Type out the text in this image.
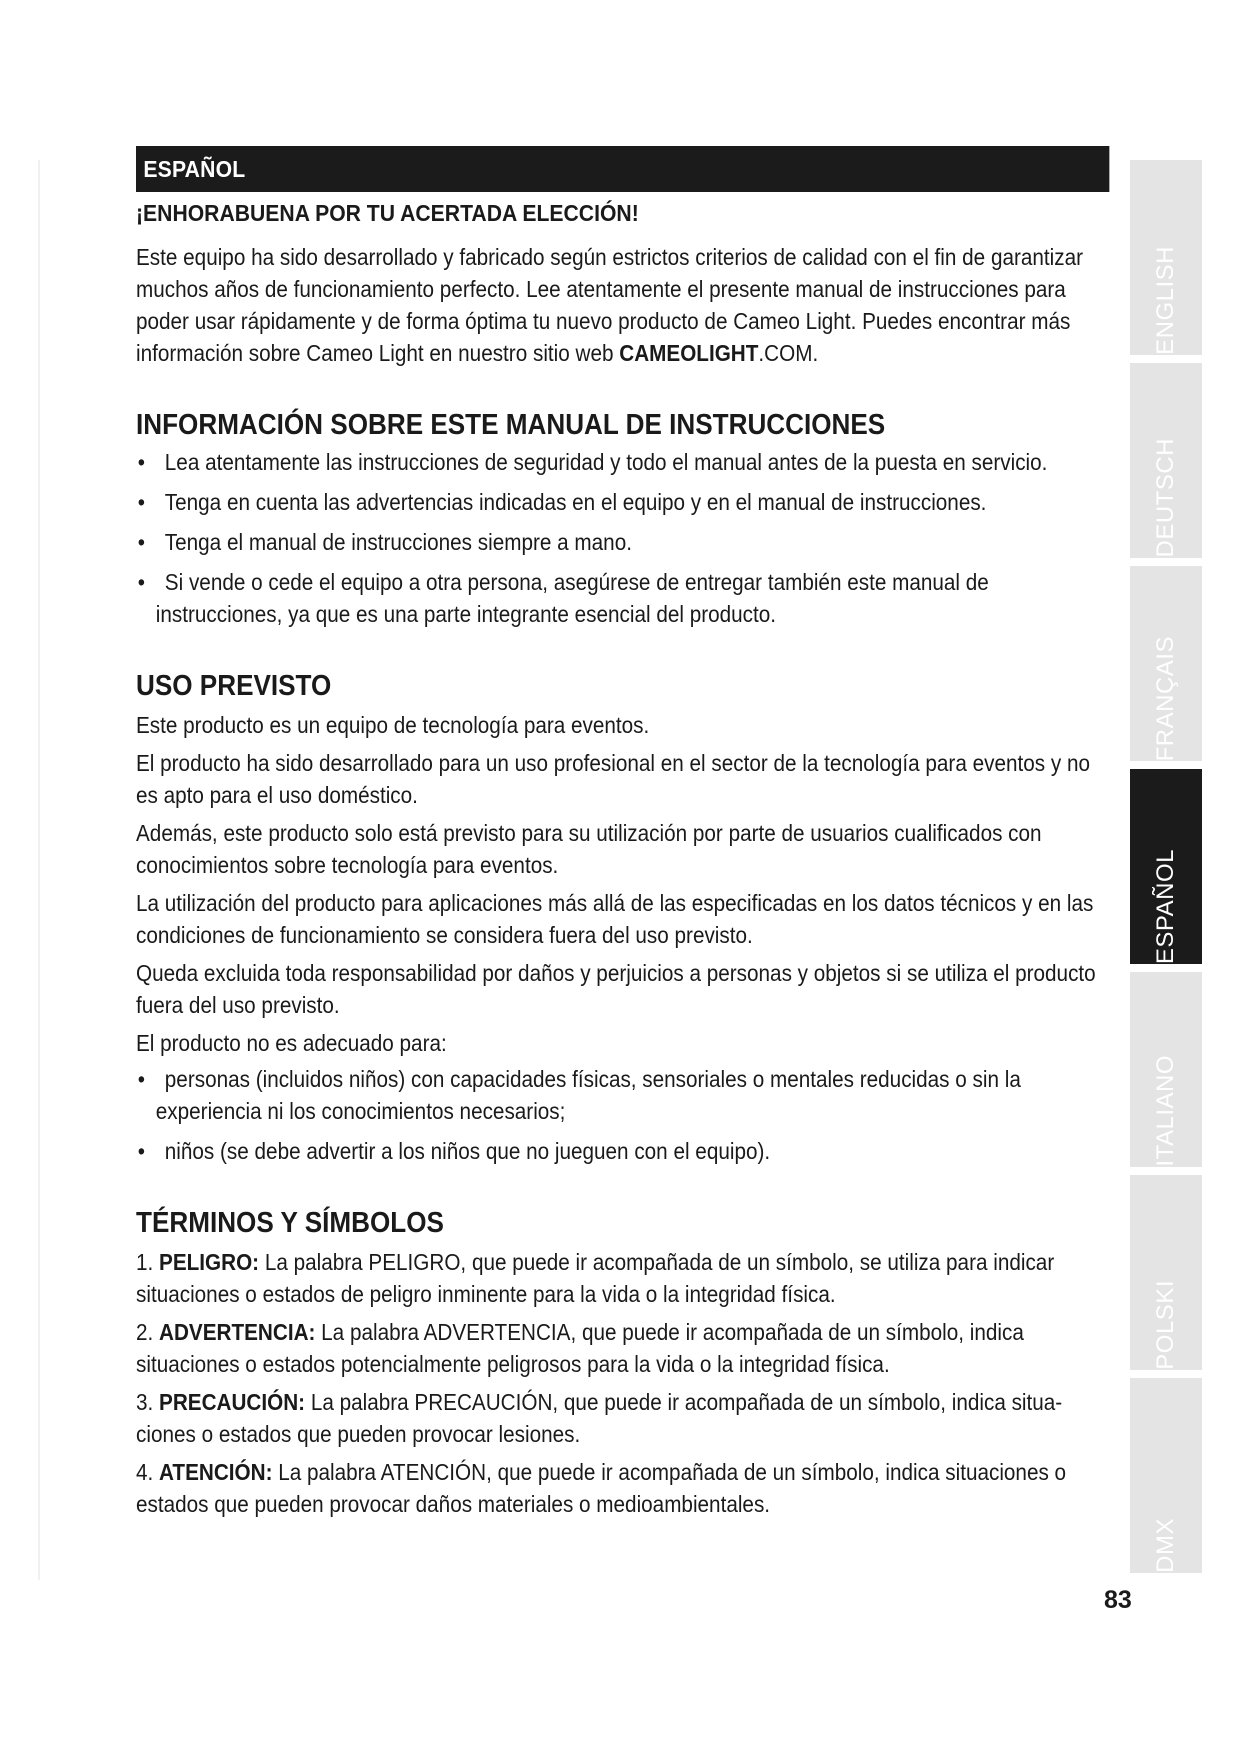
ESPAÑOL
¡ENHORABUENA POR TU ACERTADA ELECCIÓN!

Este equipo ha sido desarrollado y fabricado según estrictos criterios de calidad con el fin de garantizar muchos años de funcionamiento perfecto. Lee atentamente el presente manual de instrucciones para poder usar rápidamente y de forma óptima tu nuevo producto de Cameo Light. Puedes encontrar más información sobre Cameo Light en nuestro sitio web CAMEOLIGHT.COM.

INFORMACIÓN SOBRE ESTE MANUAL DE INSTRUCCIONES
• Lea atentamente las instrucciones de seguridad y todo el manual antes de la puesta en servicio.
• Tenga en cuenta las advertencias indicadas en el equipo y en el manual de instrucciones.
• Tenga el manual de instrucciones siempre a mano.
• Si vende o cede el equipo a otra persona, asegúrese de entregar también este manual de instrucciones, ya que es una parte integrante esencial del producto.
USO PREVISTO

Este producto es un equipo de tecnología para eventos.

El producto ha sido desarrollado para un uso profesional en el sector de la tecnología para eventos y no es apto para el uso doméstico.

Además, este producto solo está previsto para su utilización por parte de usuarios cualificados con conocimientos sobre tecnología para eventos.

La utilización del producto para aplicaciones más allá de las especificadas en los datos técnicos y en las condiciones de funcionamiento se considera fuera del uso previsto.

Queda excluida toda responsabilidad por daños y perjuicios a personas y objetos si se utiliza el producto fuera del uso previsto.

El producto no es adecuado para:

• personas (incluidos niños) con capacidades físicas, sensoriales o mentales reducidas o sin la experiencia ni los conocimientos necesarios;
• niños (se debe advertir a los niños que no jueguen con el equipo).
TÉRMINOS Y SÍMBOLOS

1. PELIGRO: La palabra PELIGRO, que puede ir acompañada de un símbolo, se utiliza para indicar situaciones o estados de peligro inminente para la vida o la integridad física.

2. ADVERTENCIA: La palabra ADVERTENCIA, que puede ir acompañada de un símbolo, indica situaciones o estados potencialmente peligrosos para la vida o la integridad física.

3. PRECAUCIÓN: La palabra PRECAUCIÓN, que puede ir acompañada de un símbolo, indica situaciones o estados que pueden provocar lesiones.

4. ATENCIÓN: La palabra ATENCIÓN, que puede ir acompañada de un símbolo, indica situaciones o estados que pueden provocar daños materiales o medioambientales.

ENGLISH
DEUTSCH
FRANÇAIS
ESPAÑOL
ITALIANO
POLSKI
DMX
83
